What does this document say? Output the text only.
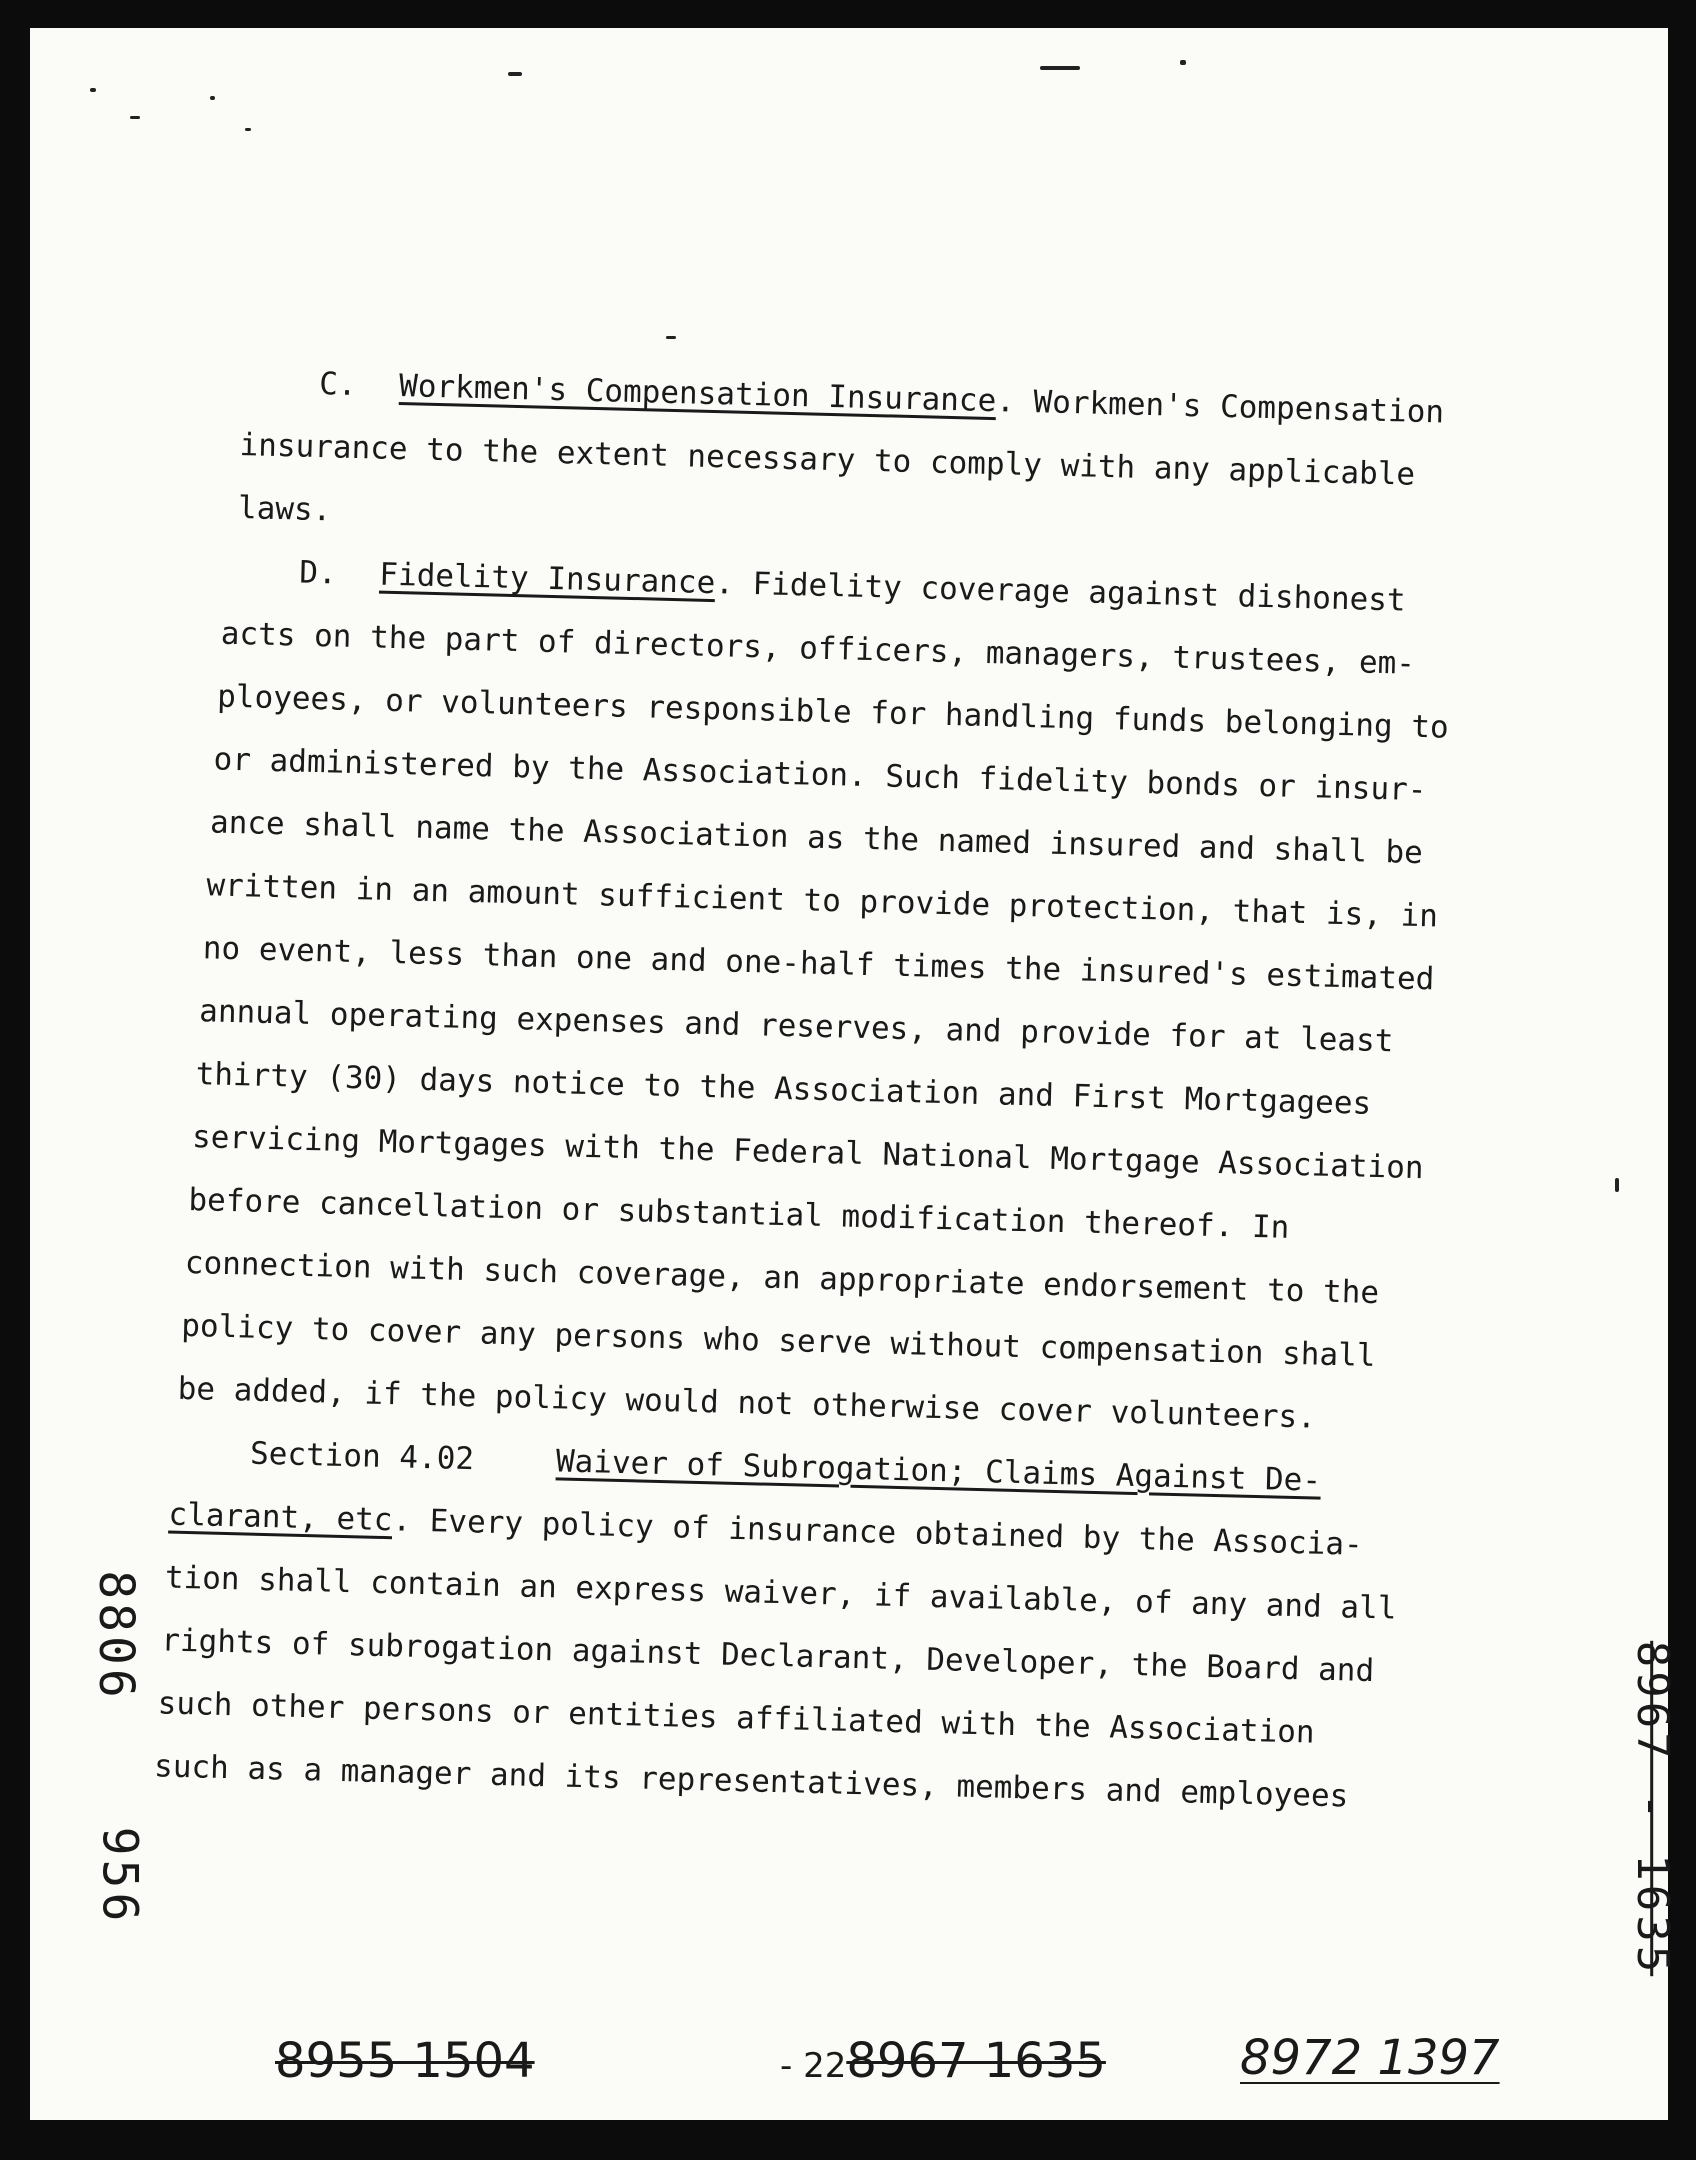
C. Workmen's Compensation Insurance. Workmen's Compensation
insurance to the extent necessary to comply with any applicable
laws.
D. Fidelity Insurance. Fidelity coverage against dishonest
acts on the part of directors, officers, managers, trustees, em-
ployees, or volunteers responsible for handling funds belonging to
or administered by the Association. Such fidelity bonds or insur-
ance shall name the Association as the named insured and shall be
written in an amount sufficient to provide protection, that is, in
no event, less than one and one-half times the insured's estimated
annual operating expenses and reserves, and provide for at least
thirty (30) days notice to the Association and First Mortgagees
servicing Mortgages with the Federal National Mortgage Association
before cancellation or substantial modification thereof. In
connection with such coverage, an appropriate endorsement to the
policy to cover any persons who serve without compensation shall
be added, if the policy would not otherwise cover volunteers.
Section 4.02	Waiver of Subrogation; Claims Against De-
clarant, etc. Every policy of insurance obtained by the Associa-
tion shall contain an express waiver, if available, of any and all
rights of subrogation against Declarant, Developer, the Board and
such other persons or entities affiliated with the Association
such as a manager and its representatives, members and employees
8806
956	8967 - 1635
8955 1504	- 228967 1635	8972 1397
